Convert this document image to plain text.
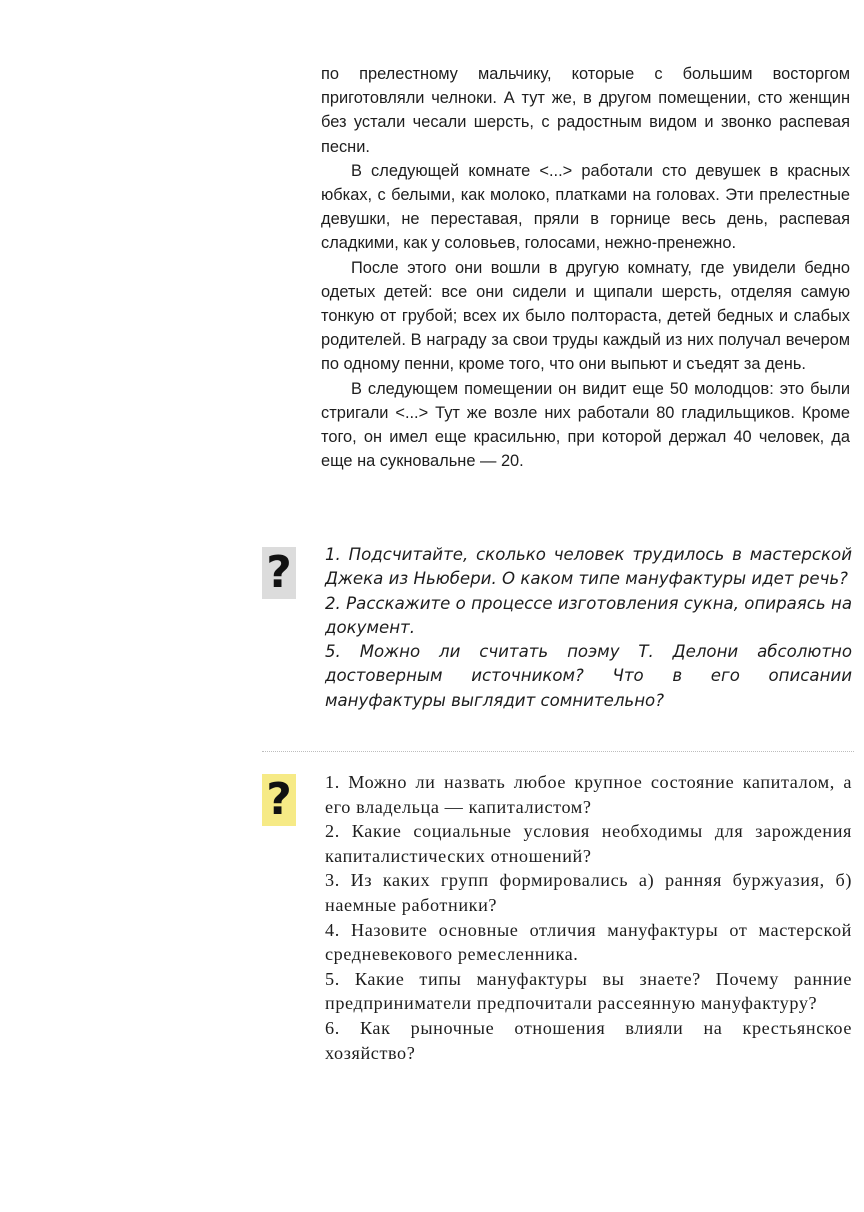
по прелестному мальчику, которые с большим восторгом приготовляли челноки. А тут же, в другом помещении, сто женщин без устали чесали шерсть, с радостным видом и звонко распевая песни.

В следующей комнате <...> работали сто девушек в красных юбках, с белыми, как молоко, платками на головах. Эти прелестные девушки, не переставая, пряли в горнице весь день, распевая сладкими, как у соловьев, голосами, нежно-пренежно.

После этого они вошли в другую комнату, где увидели бедно одетых детей: все они сидели и щипали шерсть, отделяя самую тонкую от грубой; всех их было полтораста, детей бедных и слабых родителей. В награду за свои труды каждый из них получал вечером по одному пенни, кроме того, что они выпьют и съедят за день.

В следующем помещении он видит еще 50 молодцов: это были стригали <...> Тут же возле них работали 80 гладильщиков. Кроме того, он имел еще красильню, при которой держал 40 человек, да еще на сукновальне — 20.

? 1. Подсчитайте, сколько человек трудилось в мастерской Джека из Ньюбери. О каком типе мануфактуры идет речь?
2. Расскажите о процессе изготовления сукна, опираясь на документ.
5. Можно ли считать поэму Т. Делони абсолютно достоверным источником? Что в его описании мануфактуры выглядит сомнительно?
? 1. Можно ли назвать любое крупное состояние капиталом, а его владельца — капиталистом?
2. Какие социальные условия необходимы для зарождения капиталистических отношений?
3. Из каких групп формировались а) ранняя буржуазия, б) наемные работники?
4. Назовите основные отличия мануфактуры от мастерской средневекового ремесленника.
5. Какие типы мануфактуры вы знаете? Почему ранние предприниматели предпочитали рассеянную мануфактуру?
6. Как рыночные отношения влияли на крестьянское хозяйство?
